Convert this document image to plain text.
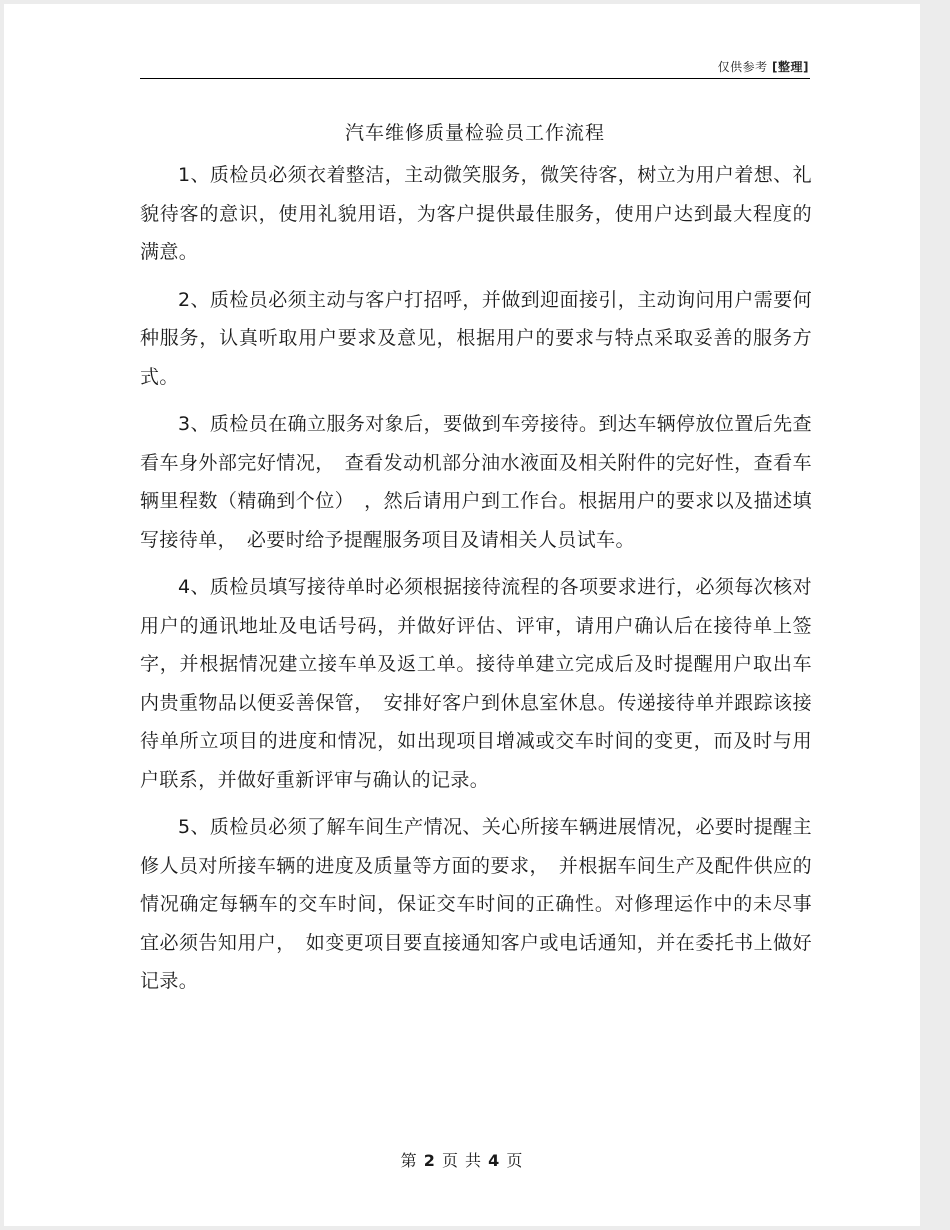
仅供参考 [整理]
汽车维修质量检验员工作流程

1、质检员必须衣着整洁，主动微笑服务，微笑待客，树立为用户着想、礼貌待客的意识，使用礼貌用语，为客户提供最佳服务，使用户达到最大程度的满意。

2、质检员必须主动与客户打招呼，并做到迎面接引，主动询问用户需要何种服务，认真听取用户要求及意见，根据用户的要求与特点采取妥善的服务方式。

3、质检员在确立服务对象后，要做到车旁接待。到达车辆停放位置后先查看车身外部完好情况，　查看发动机部分油水液面及相关附件的完好性，查看车辆里程数（精确到个位）　，然后请用户到工作台。根据用户的要求以及描述填写接待单，　必要时给予提醒服务项目及请相关人员试车。

4、质检员填写接待单时必须根据接待流程的各项要求进行，必须每次核对用户的通讯地址及电话号码，并做好评估、评审，请用户确认后在接待单上签字，并根据情况建立接车单及返工单。接待单建立完成后及时提醒用户取出车内贵重物品以便妥善保管，　安排好客户到休息室休息。传递接待单并跟踪该接待单所立项目的进度和情况，如出现项目增减或交车时间的变更，而及时与用户联系，并做好重新评审与确认的记录。

5、质检员必须了解车间生产情况、关心所接车辆进展情况，必要时提醒主修人员对所接车辆的进度及质量等方面的要求，　并根据车间生产及配件供应的情况确定每辆车的交车时间，保证交车时间的正确性。对修理运作中的未尽事宜必须告知用户，　如变更项目要直接通知客户或电话通知，并在委托书上做好记录。

第 2 页 共 4 页
